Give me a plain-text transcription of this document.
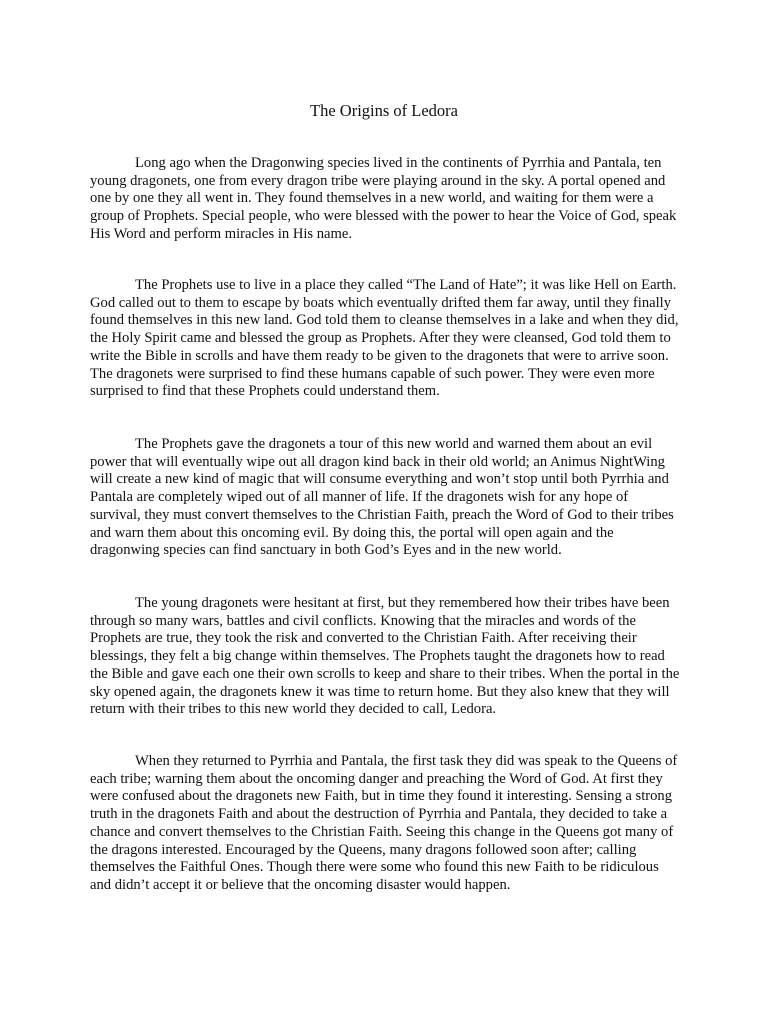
The Origins of Ledora

Long ago when the Dragonwing species lived in the continents of Pyrrhia and Pantala, ten young dragonets, one from every dragon tribe were playing around in the sky. A portal opened and one by one they all went in. They found themselves in a new world, and waiting for them were a group of Prophets. Special people, who were blessed with the power to hear the Voice of God, speak His Word and perform miracles in His name.

The Prophets use to live in a place they called “The Land of Hate”; it was like Hell on Earth. God called out to them to escape by boats which eventually drifted them far away, until they finally found themselves in this new land. God told them to cleanse themselves in a lake and when they did, the Holy Spirit came and blessed the group as Prophets. After they were cleansed, God told them to write the Bible in scrolls and have them ready to be given to the dragonets that were to arrive soon. The dragonets were surprised to find these humans capable of such power. They were even more surprised to find that these Prophets could understand them.

The Prophets gave the dragonets a tour of this new world and warned them about an evil power that will eventually wipe out all dragon kind back in their old world; an Animus NightWing will create a new kind of magic that will consume everything and won’t stop until both Pyrrhia and Pantala are completely wiped out of all manner of life. If the dragonets wish for any hope of survival, they must convert themselves to the Christian Faith, preach the Word of God to their tribes and warn them about this oncoming evil. By doing this, the portal will open again and the dragonwing species can find sanctuary in both God’s Eyes and in the new world.

The young dragonets were hesitant at first, but they remembered how their tribes have been through so many wars, battles and civil conflicts. Knowing that the miracles and words of the Prophets are true, they took the risk and converted to the Christian Faith. After receiving their blessings, they felt a big change within themselves. The Prophets taught the dragonets how to read the Bible and gave each one their own scrolls to keep and share to their tribes. When the portal in the sky opened again, the dragonets knew it was time to return home. But they also knew that they will return with their tribes to this new world they decided to call, Ledora.

When they returned to Pyrrhia and Pantala, the first task they did was speak to the Queens of each tribe; warning them about the oncoming danger and preaching the Word of God. At first they were confused about the dragonets new Faith, but in time they found it interesting. Sensing a strong truth in the dragonets Faith and about the destruction of Pyrrhia and Pantala, they decided to take a chance and convert themselves to the Christian Faith. Seeing this change in the Queens got many of the dragons interested. Encouraged by the Queens, many dragons followed soon after; calling themselves the Faithful Ones. Though there were some who found this new Faith to be ridiculous and didn’t accept it or believe that the oncoming disaster would happen.
